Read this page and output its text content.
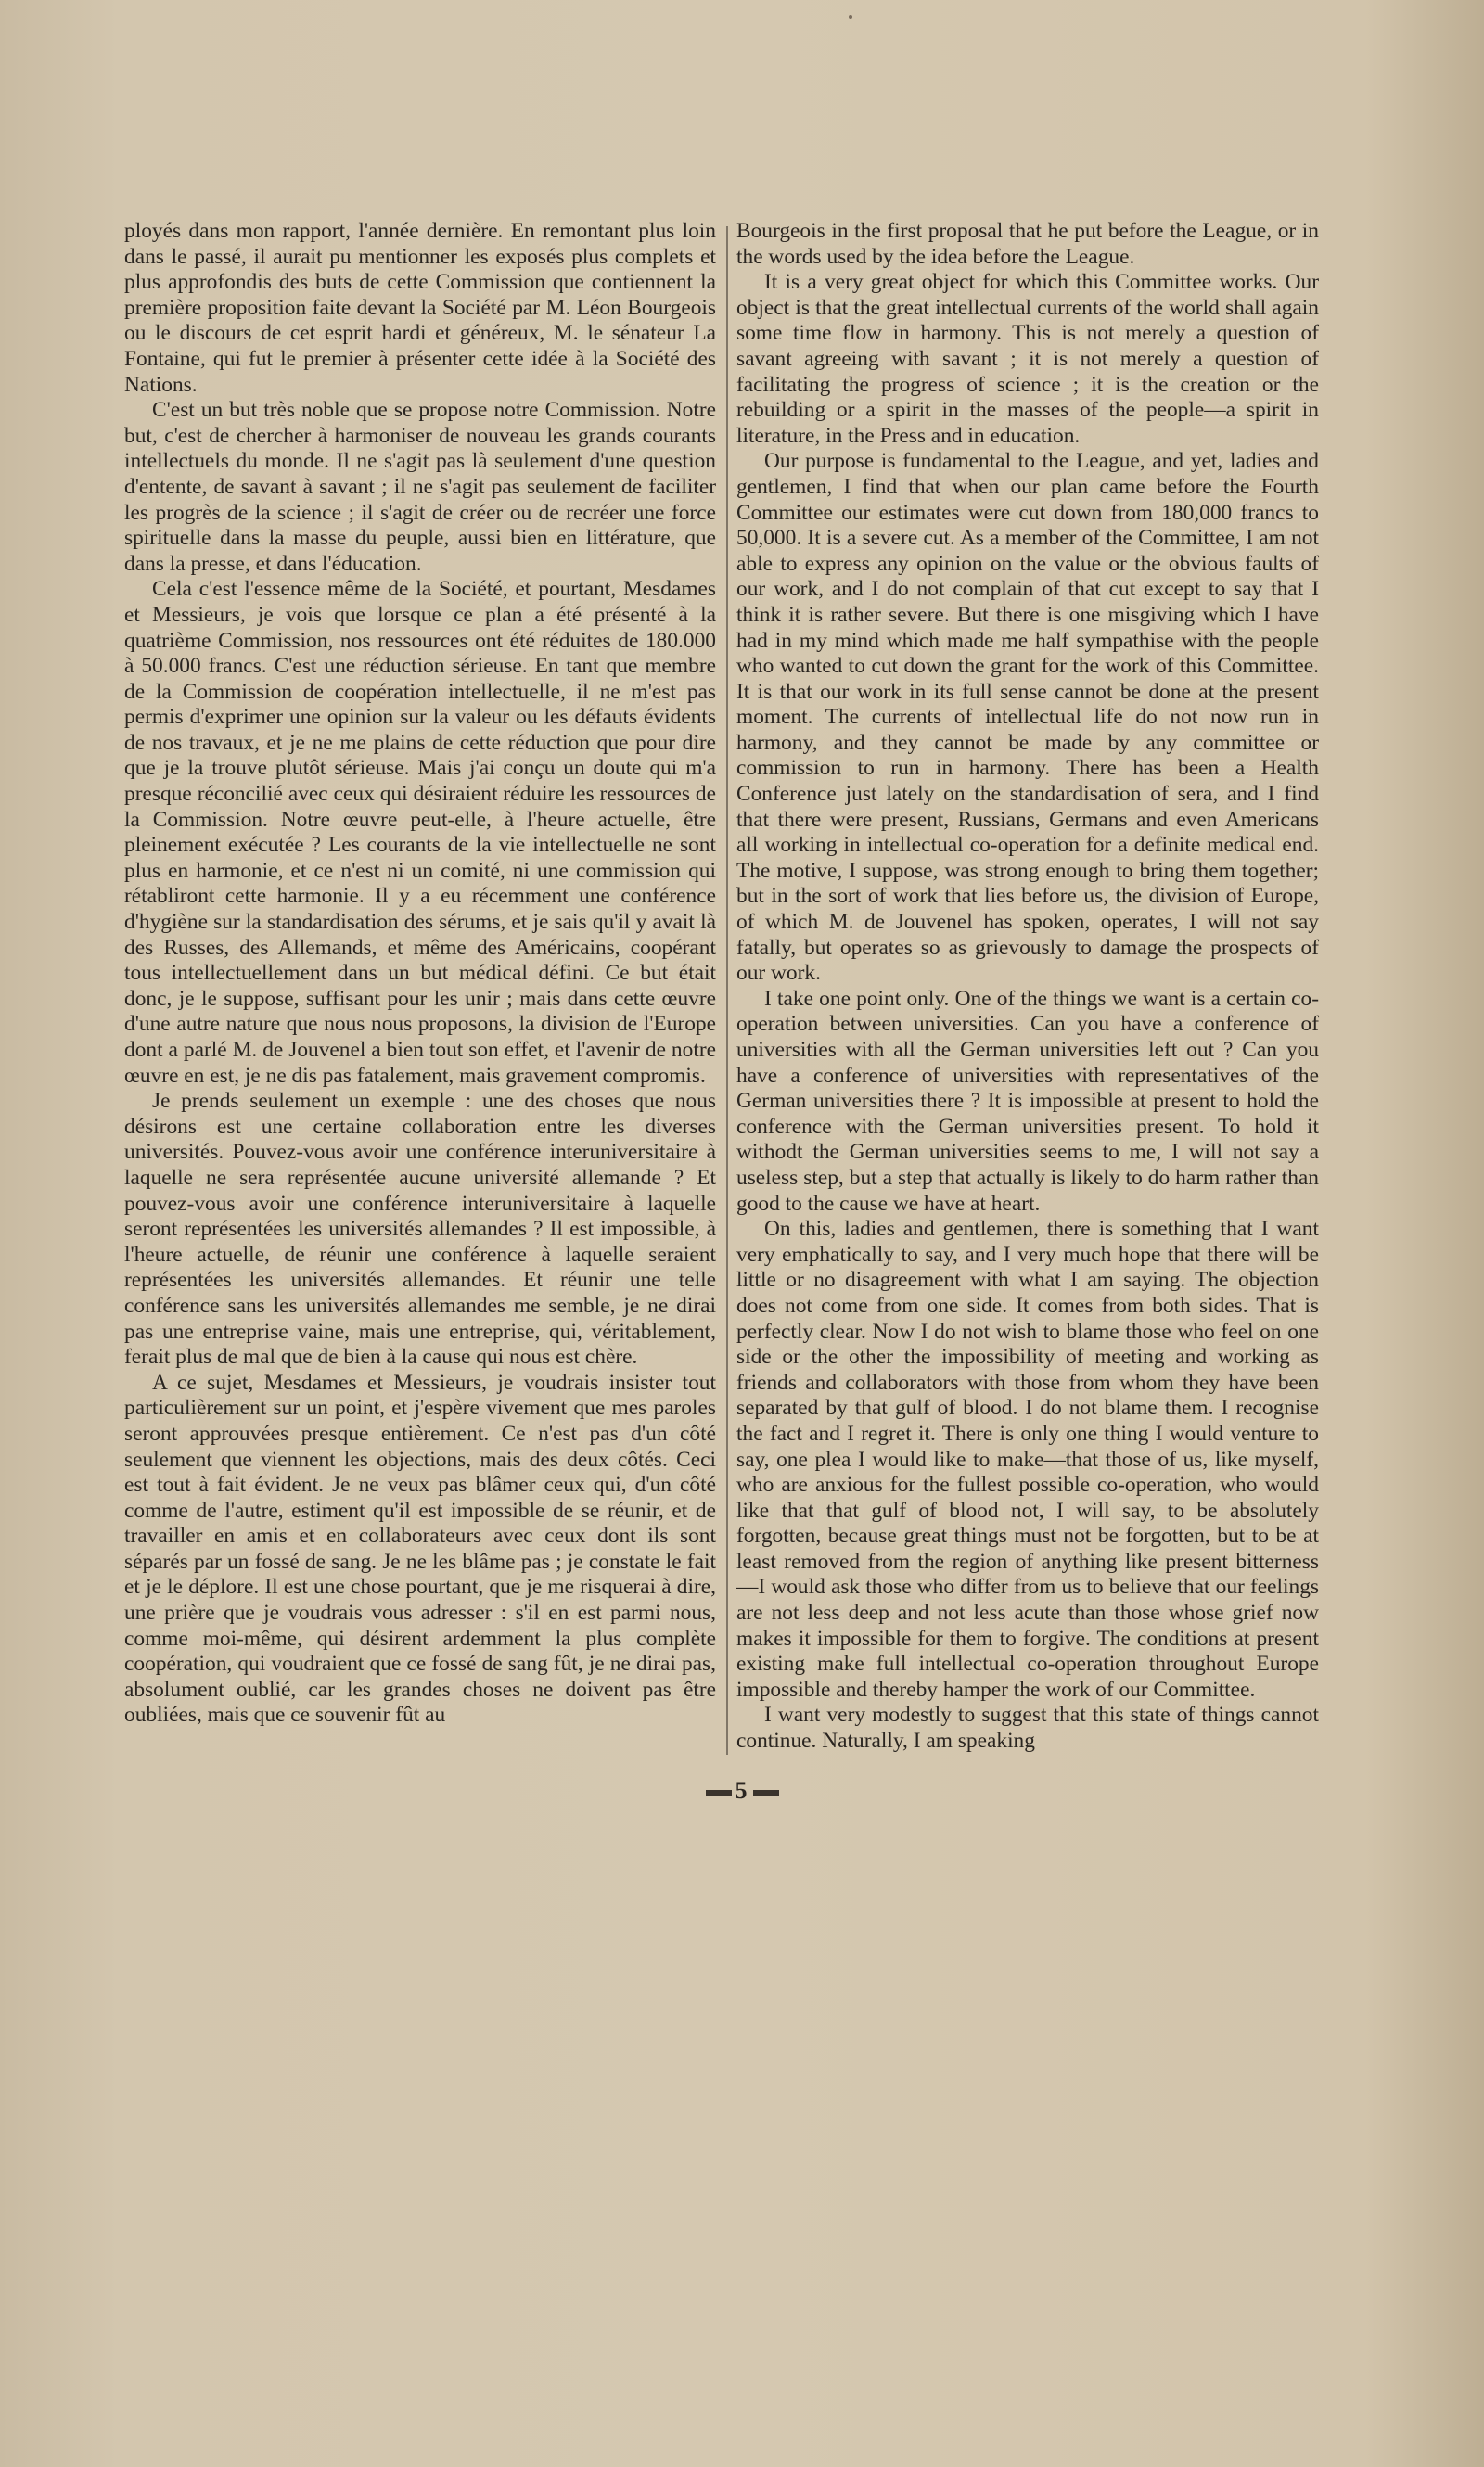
ployés dans mon rapport, l'année dernière. En remontant plus loin dans le passé, il aurait pu mentionner les exposés plus complets et plus approfondis des buts de cette Commission que contiennent la première proposition faite devant la Société par M. Léon Bourgeois ou le discours de cet esprit hardi et généreux, M. le sénateur La Fontaine, qui fut le premier à présenter cette idée à la Société des Nations.

C'est un but très noble que se propose notre Commission. Notre but, c'est de chercher à harmoniser de nouveau les grands courants intellectuels du monde. Il ne s'agit pas là seulement d'une question d'entente, de savant à savant ; il ne s'agit pas seulement de faciliter les progrès de la science ; il s'agit de créer ou de recréer une force spirituelle dans la masse du peuple, aussi bien en littérature, que dans la presse, et dans l'éducation.

Cela c'est l'essence même de la Société, et pourtant, Mesdames et Messieurs, je vois que lorsque ce plan a été présenté à la quatrième Commission, nos ressources ont été réduites de 180.000 à 50.000 francs. C'est une réduction sérieuse. En tant que membre de la Commission de coopération intellectuelle, il ne m'est pas permis d'exprimer une opinion sur la valeur ou les défauts évidents de nos travaux, et je ne me plains de cette réduction que pour dire que je la trouve plutôt sérieuse. Mais j'ai conçu un doute qui m'a presque réconcilié avec ceux qui désiraient réduire les ressources de la Commission. Notre œuvre peut-elle, à l'heure actuelle, être pleinement exécutée ? Les courants de la vie intellectuelle ne sont plus en harmonie, et ce n'est ni un comité, ni une commission qui rétabliront cette harmonie. Il y a eu récemment une conférence d'hygiène sur la standardisation des sérums, et je sais qu'il y avait là des Russes, des Allemands, et même des Américains, coopérant tous intellectuellement dans un but médical défini. Ce but était donc, je le suppose, suffisant pour les unir ; mais dans cette œuvre d'une autre nature que nous nous proposons, la division de l'Europe dont a parlé M. de Jouvenel a bien tout son effet, et l'avenir de notre œuvre en est, je ne dis pas fatalement, mais gravement compromis.

Je prends seulement un exemple : une des choses que nous désirons est une certaine collaboration entre les diverses universités. Pouvez-vous avoir une conférence interuniversitaire à laquelle ne sera représentée aucune université allemande ? Et pouvez-vous avoir une conférence interuniversitaire à laquelle seront représentées les universités allemandes ? Il est impossible, à l'heure actuelle, de réunir une conférence à laquelle seraient représentées les universités allemandes. Et réunir une telle conférence sans les universités allemandes me semble, je ne dirai pas une entreprise vaine, mais une entreprise, qui, véritablement, ferait plus de mal que de bien à la cause qui nous est chère.

A ce sujet, Mesdames et Messieurs, je voudrais insister tout particulièrement sur un point, et j'espère vivement que mes paroles seront approuvées presque entièrement. Ce n'est pas d'un côté seulement que viennent les objections, mais des deux côtés. Ceci est tout à fait évident. Je ne veux pas blâmer ceux qui, d'un côté comme de l'autre, estiment qu'il est impossible de se réunir, et de travailler en amis et en collaborateurs avec ceux dont ils sont séparés par un fossé de sang. Je ne les blâme pas ; je constate le fait et je le déplore. Il est une chose pourtant, que je me risquerai à dire, une prière que je voudrais vous adresser : s'il en est parmi nous, comme moi-même, qui désirent ardemment la plus complète coopération, qui voudraient que ce fossé de sang fût, je ne dirai pas, absolument oublié, car les grandes choses ne doivent pas être oubliées, mais que ce souvenir fût au

Bourgeois in the first proposal that he put before the League, or in the words used by the idea before the League.

It is a very great object for which this Committee works. Our object is that the great intellectual currents of the world shall again some time flow in harmony. This is not merely a question of savant agreeing with savant ; it is not merely a question of facilitating the progress of science ; it is the creation or the rebuilding or a spirit in the masses of the people—a spirit in literature, in the Press and in education.

Our purpose is fundamental to the League, and yet, ladies and gentlemen, I find that when our plan came before the Fourth Committee our estimates were cut down from 180,000 francs to 50,000. It is a severe cut. As a member of the Committee, I am not able to express any opinion on the value or the obvious faults of our work, and I do not complain of that cut except to say that I think it is rather severe. But there is one misgiving which I have had in my mind which made me half sympathise with the people who wanted to cut down the grant for the work of this Committee. It is that our work in its full sense cannot be done at the present moment. The currents of intellectual life do not now run in harmony, and they cannot be made by any committee or commission to run in harmony. There has been a Health Conference just lately on the standardisation of sera, and I find that there were present, Russians, Germans and even Americans all working in intellectual co-operation for a definite medical end. The motive, I suppose, was strong enough to bring them together; but in the sort of work that lies before us, the division of Europe, of which M. de Jouvenel has spoken, operates, I will not say fatally, but operates so as grievously to damage the prospects of our work.

I take one point only. One of the things we want is a certain co-operation between universities. Can you have a conference of universities with all the German universities left out ? Can you have a conference of universities with representatives of the German universities there ? It is impossible at present to hold the conference with the German universities present. To hold it withodt the German universities seems to me, I will not say a useless step, but a step that actually is likely to do harm rather than good to the cause we have at heart.

On this, ladies and gentlemen, there is something that I want very emphatically to say, and I very much hope that there will be little or no disagreement with what I am saying. The objection does not come from one side. It comes from both sides. That is perfectly clear. Now I do not wish to blame those who feel on one side or the other the impossibility of meeting and working as friends and collaborators with those from whom they have been separated by that gulf of blood. I do not blame them. I recognise the fact and I regret it. There is only one thing I would venture to say, one plea I would like to make—that those of us, like myself, who are anxious for the fullest possible co-operation, who would like that that gulf of blood not, I will say, to be absolutely forgotten, because great things must not be forgotten, but to be at least removed from the region of anything like present bitterness—I would ask those who differ from us to believe that our feelings are not less deep and not less acute than those whose grief now makes it impossible for them to forgive. The conditions at present existing make full intellectual co-operation throughout Europe impossible and thereby hamper the work of our Committee.

I want very modestly to suggest that this state of things cannot continue. Naturally, I am speaking

5
